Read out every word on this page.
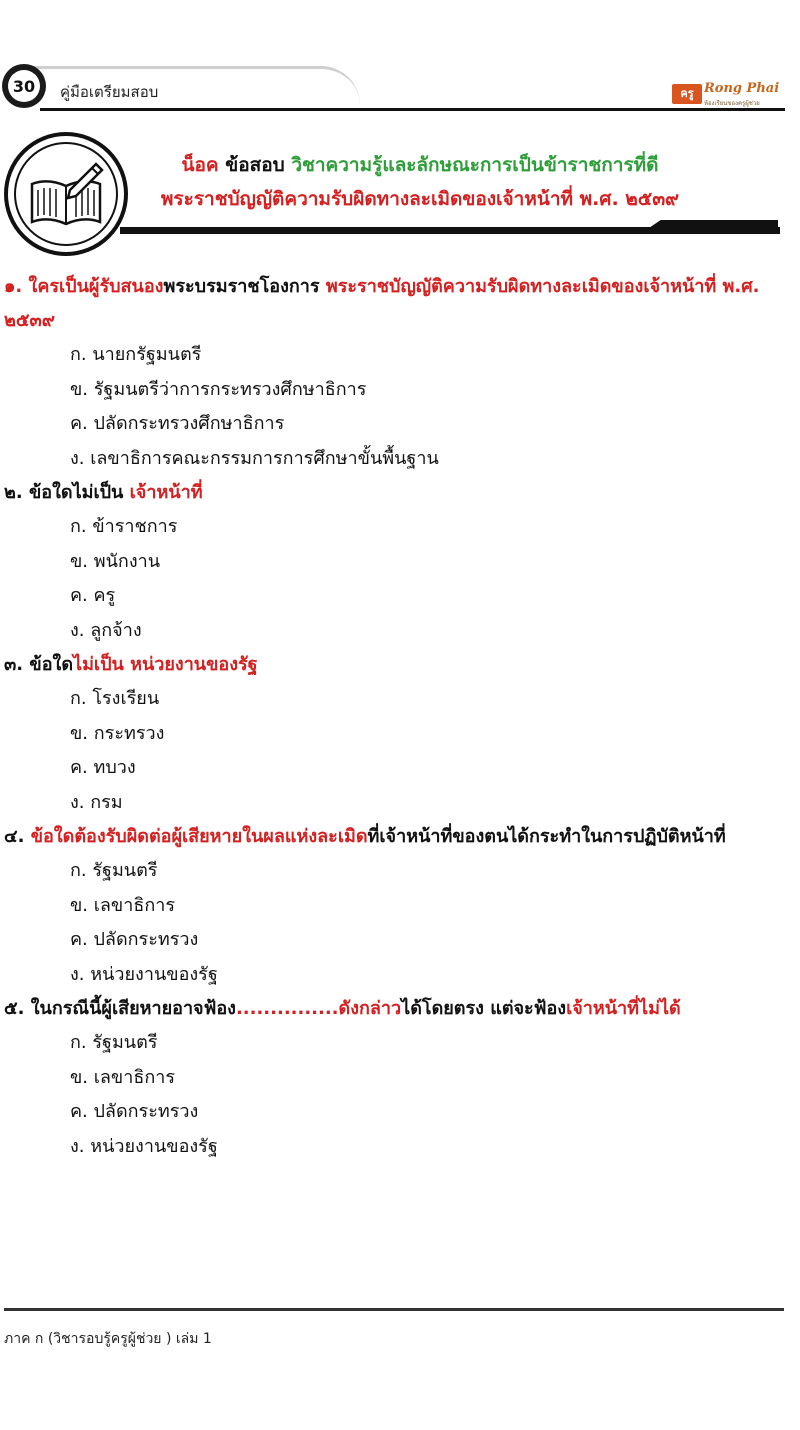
30	คู่มือเตรียมสอบ	ครู Rong Phai
ห้องเรียนของครูผู้ช่วย
น็อค ข้อสอบ วิชาความรู้และลักษณะการเป็นข้าราชการที่ดี
พระราชบัญญัติความรับผิดทางละเมิดของเจ้าหน้าที่ พ.ศ. ๒๕๓๙
๑. ใครเป็นผู้รับสนองพระบรมราชโองการ พระราชบัญญัติความรับผิดทางละเมิดของเจ้าหน้าที่ พ.ศ. ๒๕๓๙
ก. นายกรัฐมนตรี
ข. รัฐมนตรีว่าการกระทรวงศึกษาธิการ
ค. ปลัดกระทรวงศึกษาธิการ
ง. เลขาธิการคณะกรรมการการศึกษาขั้นพื้นฐาน
๒. ข้อใดไม่เป็น เจ้าหน้าที่
ก. ข้าราชการ
ข. พนักงาน
ค. ครู
ง. ลูกจ้าง
๓. ข้อใดไม่เป็น หน่วยงานของรัฐ
ก. โรงเรียน
ข. กระทรวง
ค. ทบวง
ง. กรม
๔. ข้อใดต้องรับผิดต่อผู้เสียหายในผลแห่งละเมิดที่เจ้าหน้าที่ของตนได้กระทำในการปฏิบัติหน้าที่
ก. รัฐมนตรี
ข. เลขาธิการ
ค. ปลัดกระทรวง
ง. หน่วยงานของรัฐ
๕. ในกรณีนี้ผู้เสียหายอาจฟ้อง...............ดังกล่าวได้โดยตรง แต่จะฟ้องเจ้าหน้าที่ไม่ได้
ก. รัฐมนตรี
ข. เลขาธิการ
ค. ปลัดกระทรวง
ง. หน่วยงานของรัฐ
ภาค ก (วิชารอบรู้ครูผู้ช่วย ) เล่ม 1
